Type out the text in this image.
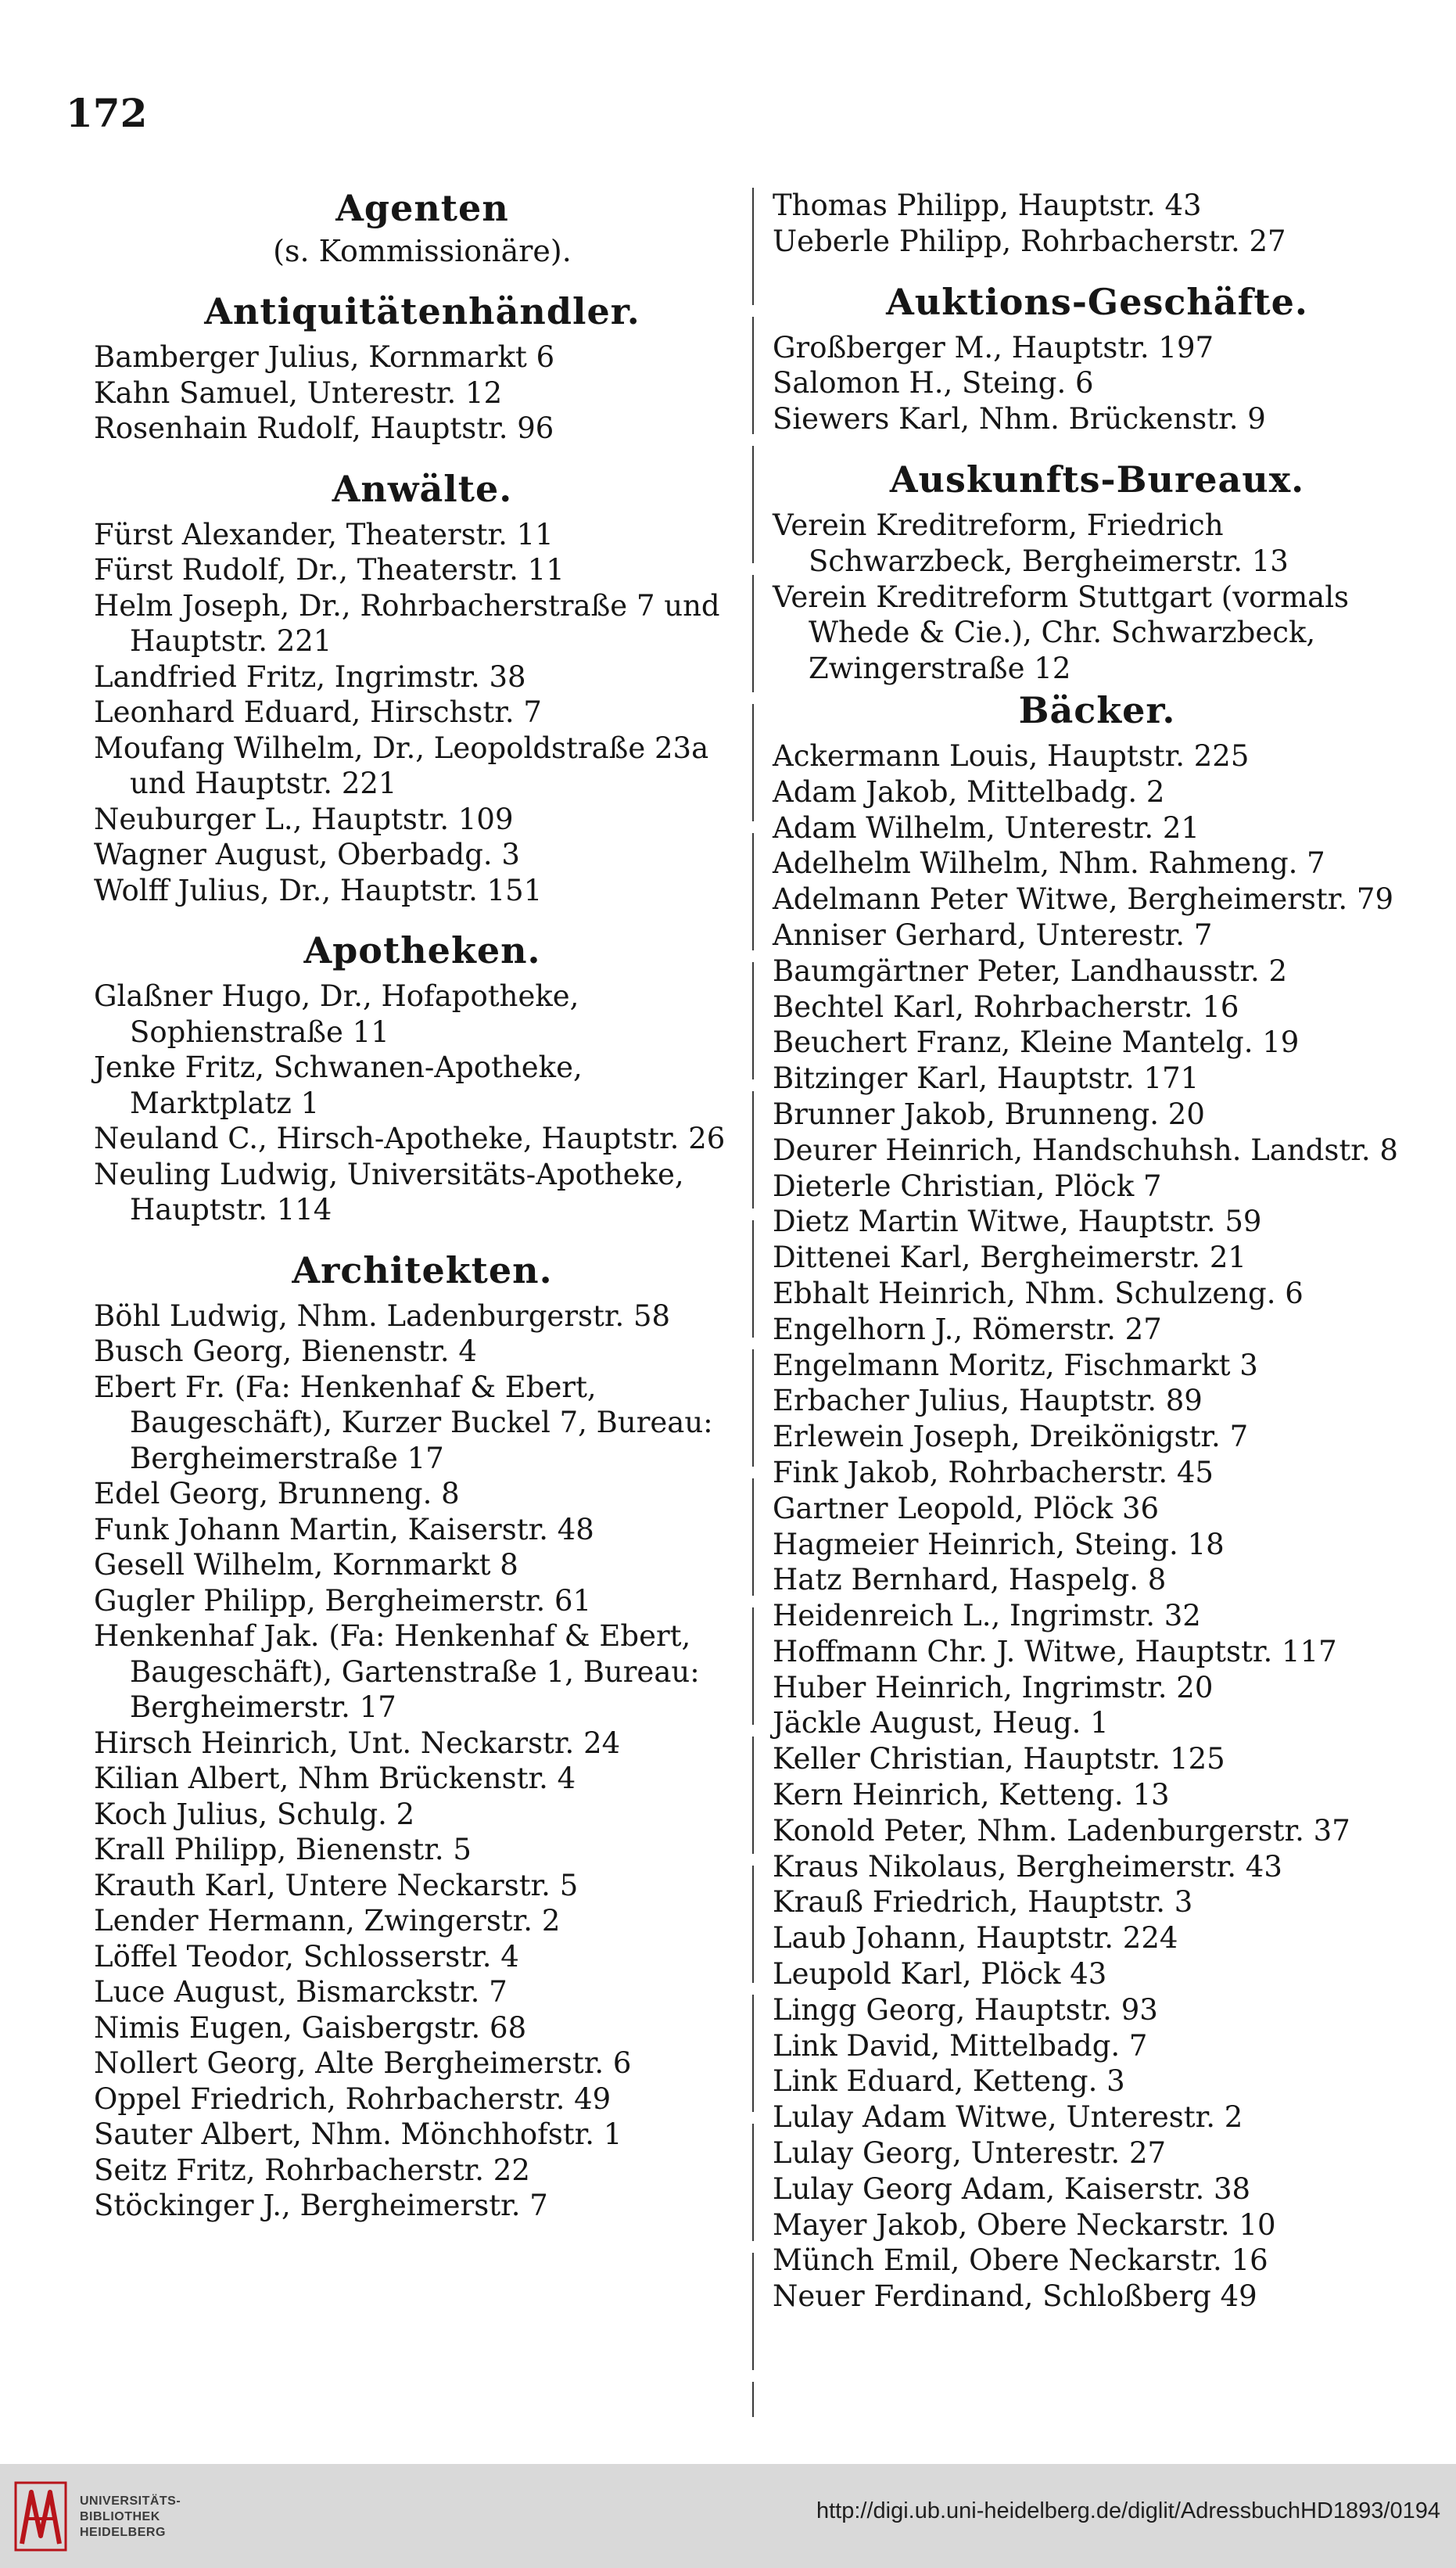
172
Agenten
(s. Kommissionäre).
Antiquitätenhändler.

Bamberger Julius, Kornmarkt 6

Kahn Samuel, Unterestr. 12

Rosenhain Rudolf, Hauptstr. 96

Anwälte.

Fürst Alexander, Theaterstr. 11

Fürst Rudolf, Dr., Theaterstr. 11

Helm Joseph, Dr., Rohrbacherstraße 7 und Hauptstr. 221

Landfried Fritz, Ingrimstr. 38

Leonhard Eduard, Hirschstr. 7

Moufang Wilhelm, Dr., Leopoldstraße 23a und Hauptstr. 221

Neuburger L., Hauptstr. 109

Wagner August, Oberbadg. 3

Wolff Julius, Dr., Hauptstr. 151

Apotheken.

Glaßner Hugo, Dr., Hofapotheke, Sophienstraße 11

Jenke Fritz, Schwanen-Apotheke, Marktplatz 1

Neuland C., Hirsch-Apotheke, Hauptstr. 26

Neuling Ludwig, Universitäts-Apotheke, Hauptstr. 114

Architekten.

Böhl Ludwig, Nhm. Ladenburgerstr. 58

Busch Georg, Bienenstr. 4

Ebert Fr. (Fa: Henkenhaf & Ebert, Baugeschäft), Kurzer Buckel 7, Bureau: Bergheimerstraße 17

Edel Georg, Brunneng. 8

Funk Johann Martin, Kaiserstr. 48

Gesell Wilhelm, Kornmarkt 8

Gugler Philipp, Bergheimerstr. 61

Henkenhaf Jak. (Fa: Henkenhaf & Ebert, Baugeschäft), Gartenstraße 1, Bureau: Bergheimerstr. 17

Hirsch Heinrich, Unt. Neckarstr. 24

Kilian Albert, Nhm Brückenstr. 4

Koch Julius, Schulg. 2

Krall Philipp, Bienenstr. 5

Krauth Karl, Untere Neckarstr. 5

Lender Hermann, Zwingerstr. 2

Löffel Teodor, Schlosserstr. 4

Luce August, Bismarckstr. 7

Nimis Eugen, Gaisbergstr. 68

Nollert Georg, Alte Bergheimerstr. 6

Oppel Friedrich, Rohrbacherstr. 49

Sauter Albert, Nhm. Mönchhofstr. 1

Seitz Fritz, Rohrbacherstr. 22

Stöckinger J., Bergheimerstr. 7

Thomas Philipp, Hauptstr. 43

Ueberle Philipp, Rohrbacherstr. 27

Auktions-Geschäfte.

Großberger M., Hauptstr. 197

Salomon H., Steing. 6

Siewers Karl, Nhm. Brückenstr. 9

Auskunfts-Bureaux.

Verein Kreditreform, Friedrich Schwarzbeck, Bergheimerstr. 13

Verein Kreditreform Stuttgart (vormals Whede & Cie.), Chr. Schwarzbeck, Zwingerstraße 12

Bäcker.

Ackermann Louis, Hauptstr. 225

Adam Jakob, Mittelbadg. 2

Adam Wilhelm, Unterestr. 21

Adelhelm Wilhelm, Nhm. Rahmeng. 7

Adelmann Peter Witwe, Bergheimerstr. 79

Anniser Gerhard, Unterestr. 7

Baumgärtner Peter, Landhausstr. 2

Bechtel Karl, Rohrbacherstr. 16

Beuchert Franz, Kleine Mantelg. 19

Bitzinger Karl, Hauptstr. 171

Brunner Jakob, Brunneng. 20

Deurer Heinrich, Handschuhsh. Landstr. 8

Dieterle Christian, Plöck 7

Dietz Martin Witwe, Hauptstr. 59

Dittenei Karl, Bergheimerstr. 21

Ebhalt Heinrich, Nhm. Schulzeng. 6

Engelhorn J., Römerstr. 27

Engelmann Moritz, Fischmarkt 3

Erbacher Julius, Hauptstr. 89

Erlewein Joseph, Dreikönigstr. 7

Fink Jakob, Rohrbacherstr. 45

Gartner Leopold, Plöck 36

Hagmeier Heinrich, Steing. 18

Hatz Bernhard, Haspelg. 8

Heidenreich L., Ingrimstr. 32

Hoffmann Chr. J. Witwe, Hauptstr. 117

Huber Heinrich, Ingrimstr. 20

Jäckle August, Heug. 1

Keller Christian, Hauptstr. 125

Kern Heinrich, Ketteng. 13

Konold Peter, Nhm. Ladenburgerstr. 37

Kraus Nikolaus, Bergheimerstr. 43

Krauß Friedrich, Hauptstr. 3

Laub Johann, Hauptstr. 224

Leupold Karl, Plöck 43

Lingg Georg, Hauptstr. 93

Link David, Mittelbadg. 7

Link Eduard, Ketteng. 3

Lulay Adam Witwe, Unterestr. 2

Lulay Georg, Unterestr. 27

Lulay Georg Adam, Kaiserstr. 38

Mayer Jakob, Obere Neckarstr. 10

Münch Emil, Obere Neckarstr. 16

Neuer Ferdinand, Schloßberg 49

UNIVERSITÄTS-
BIBLIOTHEK
HEIDELBERG
http://digi.ub.uni-heidelberg.de/diglit/AdressbuchHD1893/0194
